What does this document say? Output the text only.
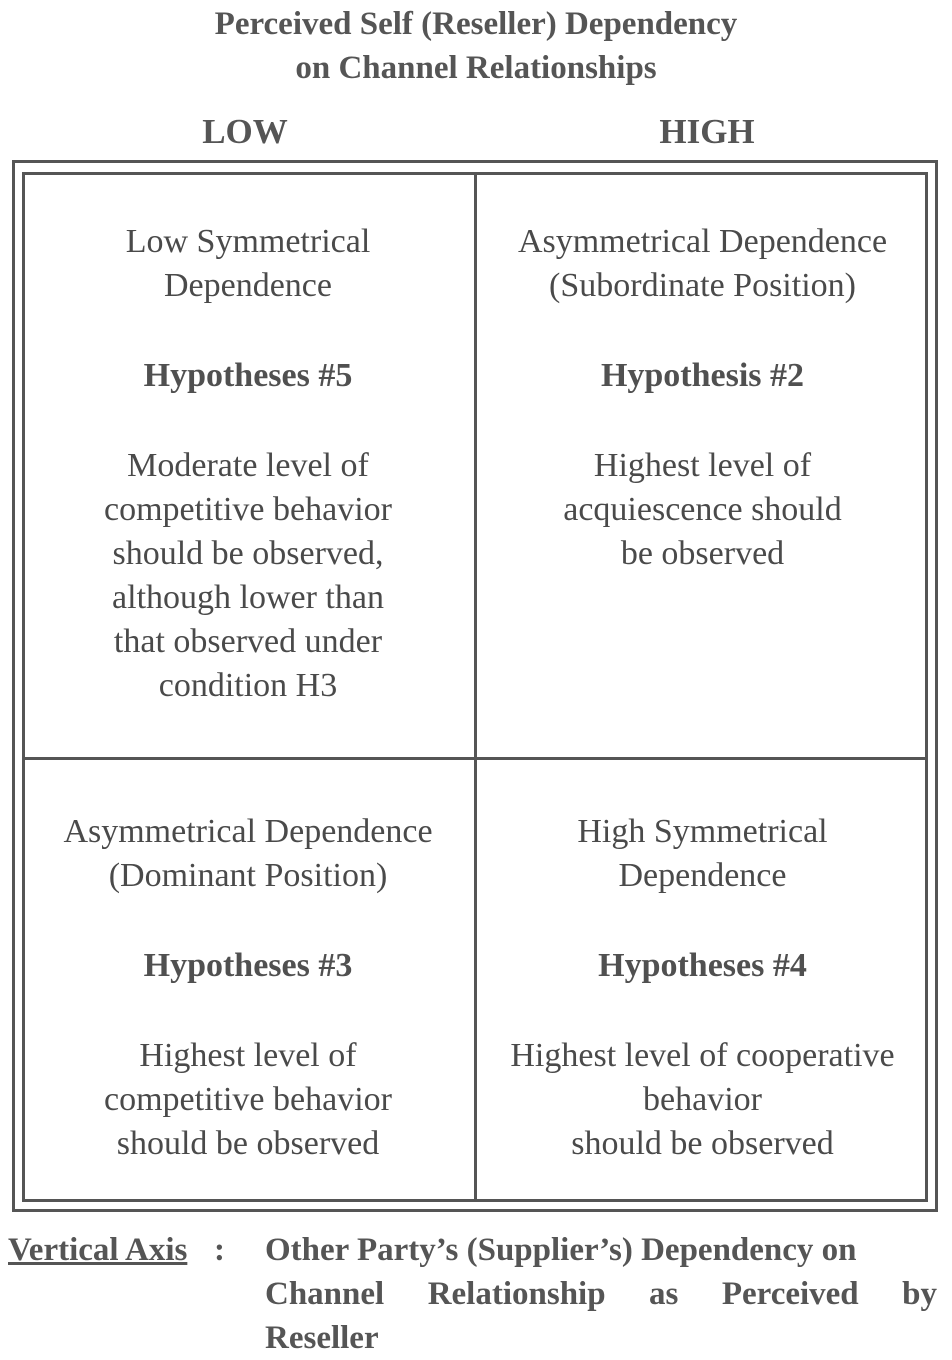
Perceived Self (Reseller) Dependency
on Channel Relationships
LOW	HIGH
Low Symmetrical
Dependence
Hypotheses #5
Moderate level of
competitive behavior
should be observed,
although lower than
that observed under
condition H3
Asymmetrical Dependence
(Subordinate Position)
Hypothesis #2
Highest level of
acquiescence should
be observed
Asymmetrical Dependence
(Dominant Position)
Hypotheses #3
Highest level of
competitive behavior
should be observed
High Symmetrical
Dependence
Hypotheses #4
Highest level of cooperative
behavior
should be observed
Vertical Axis : Other Party’s (Supplier’s) Dependency on
Channel Relationship as Perceived by
Reseller
